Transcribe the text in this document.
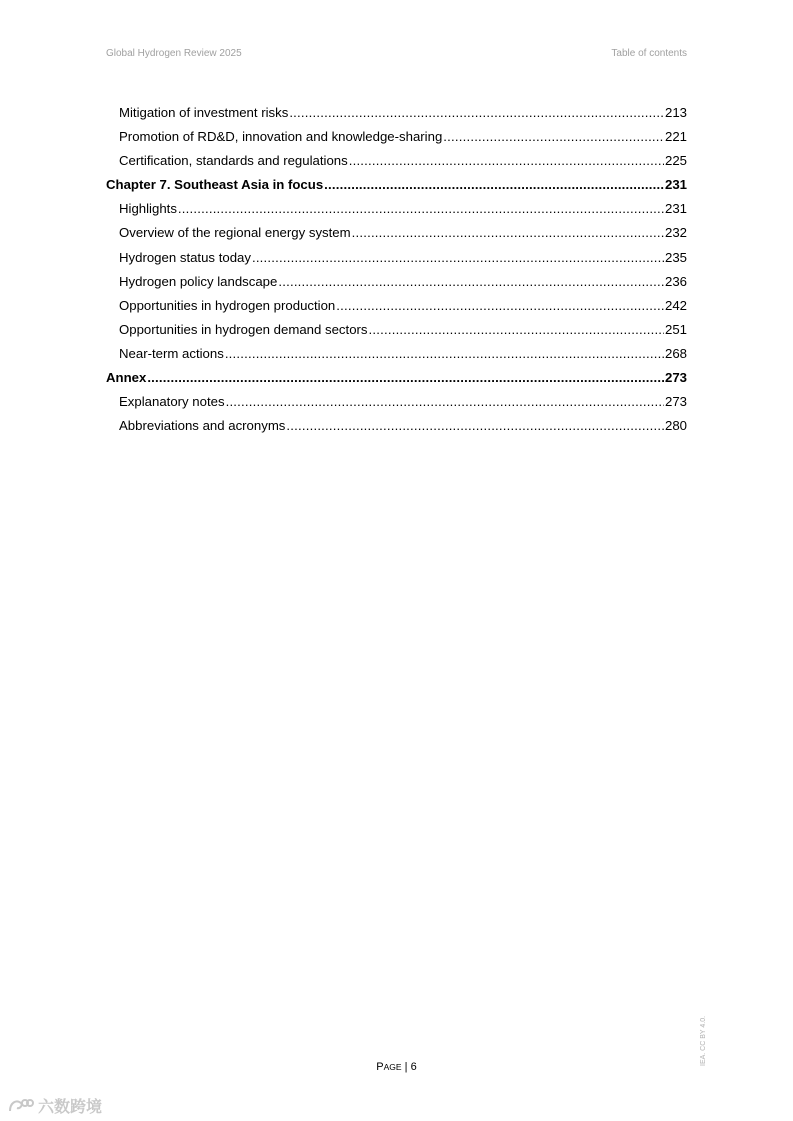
Global Hydrogen Review 2025	Table of contents
Mitigation of investment risks .....	213
Promotion of RD&D, innovation and knowledge-sharing .....	221
Certification, standards and regulations .....	225
Chapter 7. Southeast Asia in focus .....	231
Highlights .....	231
Overview of the regional energy system .....	232
Hydrogen status today .....	235
Hydrogen policy landscape .....	236
Opportunities in hydrogen production .....	242
Opportunities in hydrogen demand sectors .....	251
Near-term actions .....	268
Annex .....	273
Explanatory notes .....	273
Abbreviations and acronyms .....	280
PAGE | 6
IEA. CC BY 4.0.
六数跨境
